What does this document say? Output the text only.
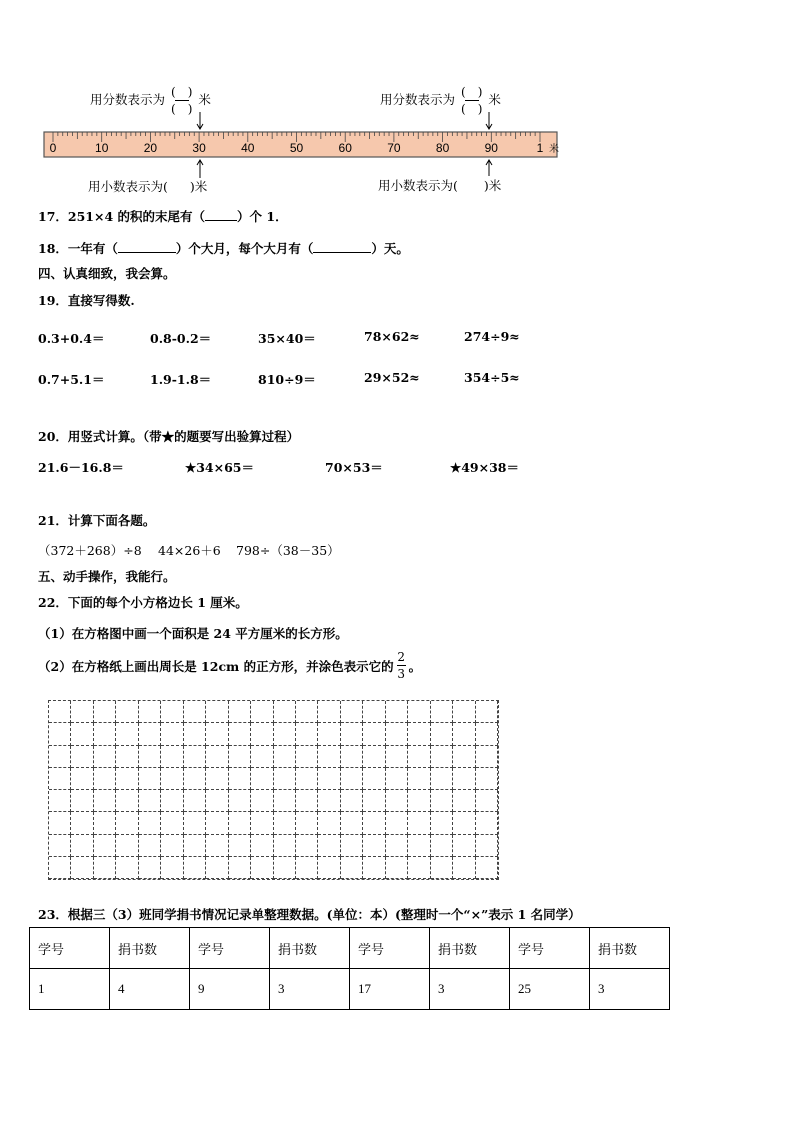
用分数表示为 $\frac{( )}{( )}$ 米	用分数表示为 $\frac{( )}{( )}$ 米
0	10	20	30	40	50	60	70	80	90	1 米
用小数表示为( )米	用小数表示为( )米
17．251×4 的积的末尾有（	）个 1．
18．一年有（	）个大月，每个大月有（	）天。
四、认真细致，我会算。
19．直接写得数.
0.3+0.4＝	0.8-0.2＝	35×40＝	78×62≈	274÷9≈
0.7+5.1＝	1.9-1.8＝	810÷9＝	29×52≈	354÷5≈
20．用竖式计算。（带★的题要写出验算过程）
21.6－16.8＝	★34×65＝	70×53＝	★49×38＝
21．计算下面各题。
（372＋268）÷8 44×26＋6 798÷（38－35）
五、动手操作，我能行。
22．下面的每个小方格边长 1 厘米。
（1）在方格图中画一个面积是 24 平方厘米的长方形。
（2）在方格纸上画出周长是 12cm 的正方形，并涂色表示它的 $\frac{2}{3}$ 。
23．根据三（3）班同学捐书情况记录单整理数据。(单位：本）(整理时一个“×”表示 1 名同学）
学号	捐书数	学号	捐书数	学号	捐书数	学号	捐书数
1	4	9	3	17	3	25	3
